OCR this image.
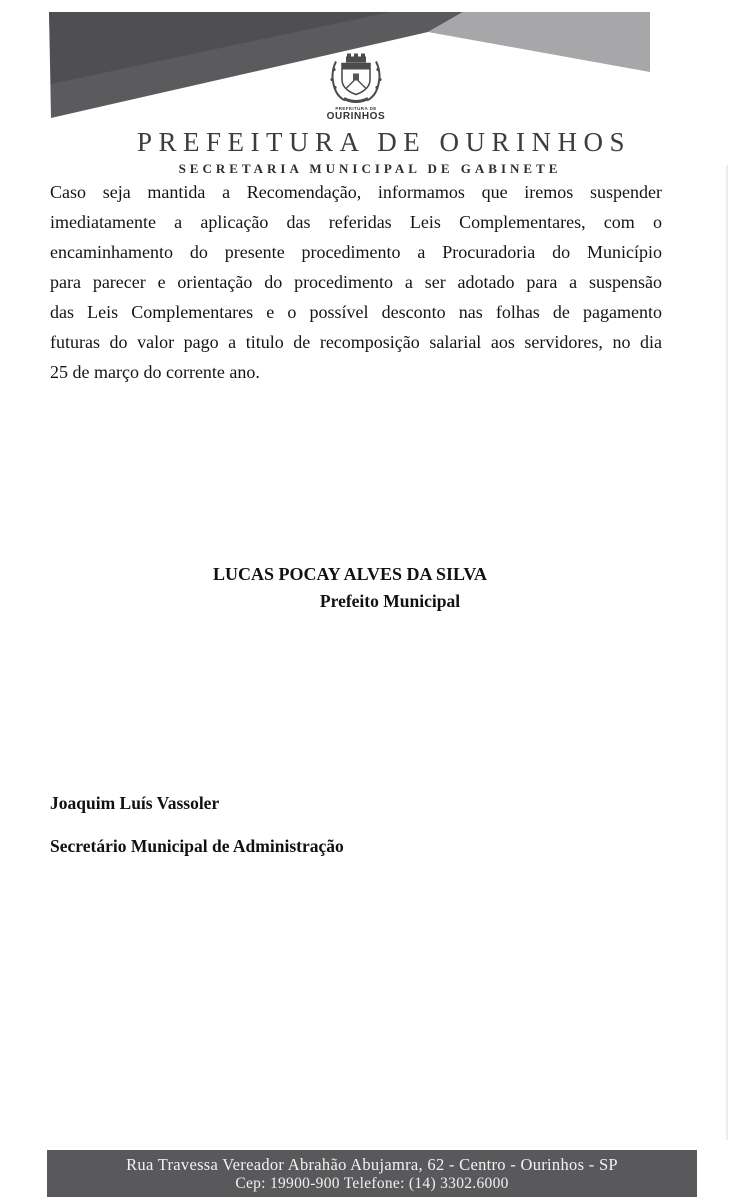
PREFEITURA DE
OURINHOS
PREFEITURA DE OURINHOS
SECRETARIA MUNICIPAL DE GABINETE
Caso seja mantida a Recomendação, informamos que iremos suspender
imediatamente a aplicação das referidas Leis Complementares, com o
encaminhamento do presente procedimento a Procuradoria do Município
para parecer e orientação do procedimento a ser adotado para a suspensão
das Leis Complementares e o possível desconto nas folhas de pagamento
futuras do valor pago a titulo de recomposição salarial aos servidores, no dia
25 de março do corrente ano.
LUCAS POCAY ALVES DA SILVA
Prefeito Municipal
Joaquim Luís Vassoler
Secretário Municipal de Administração
Rua Travessa Vereador Abrahão Abujamra, 62 - Centro - Ourinhos - SP
Cep: 19900-900 Telefone: (14) 3302.6000
